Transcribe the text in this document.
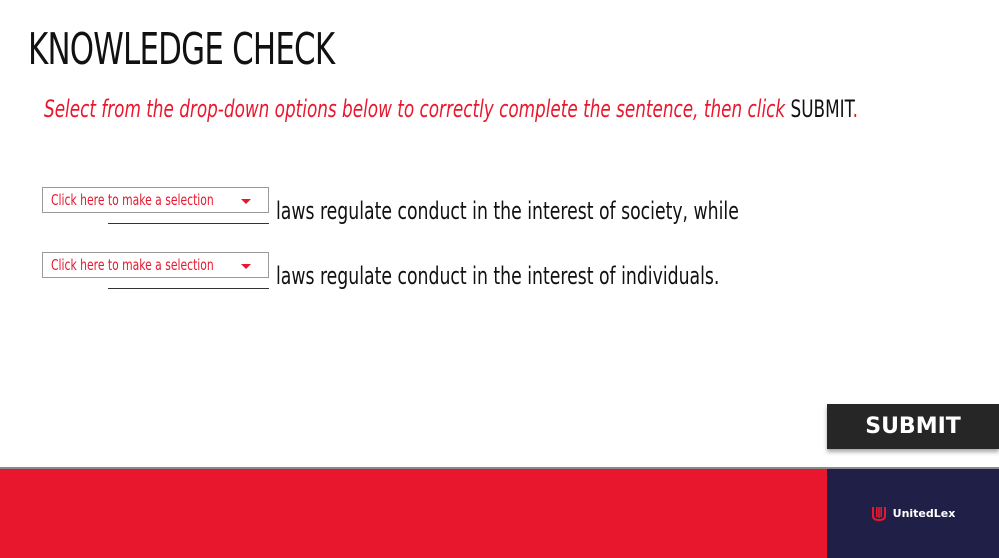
KNOWLEDGE CHECK
Select from the drop-down options below to correctly complete the sentence, then click SUBMIT.
Click here to make a selection	laws regulate conduct in the interest of society, while
Click here to make a selection	laws regulate conduct in the interest of individuals.
SUBMIT
UnitedLex
